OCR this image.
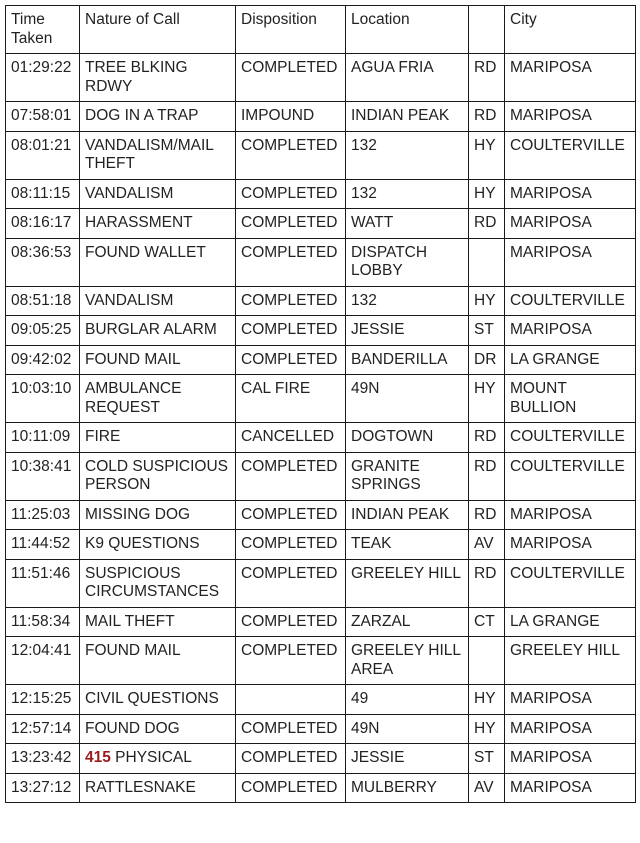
Time Taken	Nature of Call	Disposition	Location		City
01:29:22	TREE BLKING RDWY	COMPLETED	AGUA FRIA	RD	MARIPOSA
07:58:01	DOG IN A TRAP	IMPOUND	INDIAN PEAK	RD	MARIPOSA
08:01:21	VANDALISM/MAIL THEFT	COMPLETED	132	HY	COULTERVILLE
08:11:15	VANDALISM	COMPLETED	132	HY	MARIPOSA
08:16:17	HARASSMENT	COMPLETED	WATT	RD	MARIPOSA
08:36:53	FOUND WALLET	COMPLETED	DISPATCH LOBBY		MARIPOSA
08:51:18	VANDALISM	COMPLETED	132	HY	COULTERVILLE
09:05:25	BURGLAR ALARM	COMPLETED	JESSIE	ST	MARIPOSA
09:42:02	FOUND MAIL	COMPLETED	BANDERILLA	DR	LA GRANGE
10:03:10	AMBULANCE REQUEST	CAL FIRE	49N	HY	MOUNT BULLION
10:11:09	FIRE	CANCELLED	DOGTOWN	RD	COULTERVILLE
10:38:41	COLD SUSPICIOUS PERSON	COMPLETED	GRANITE SPRINGS	RD	COULTERVILLE
11:25:03	MISSING DOG	COMPLETED	INDIAN PEAK	RD	MARIPOSA
11:44:52	K9 QUESTIONS	COMPLETED	TEAK	AV	MARIPOSA
11:51:46	SUSPICIOUS CIRCUMSTANCES	COMPLETED	GREELEY HILL	RD	COULTERVILLE
11:58:34	MAIL THEFT	COMPLETED	ZARZAL	CT	LA GRANGE
12:04:41	FOUND MAIL	COMPLETED	GREELEY HILL AREA		GREELEY HILL
12:15:25	CIVIL QUESTIONS		49	HY	MARIPOSA
12:57:14	FOUND DOG	COMPLETED	49N	HY	MARIPOSA
13:23:42	415 PHYSICAL	COMPLETED	JESSIE	ST	MARIPOSA
13:27:12	RATTLESNAKE	COMPLETED	MULBERRY	AV	MARIPOSA
